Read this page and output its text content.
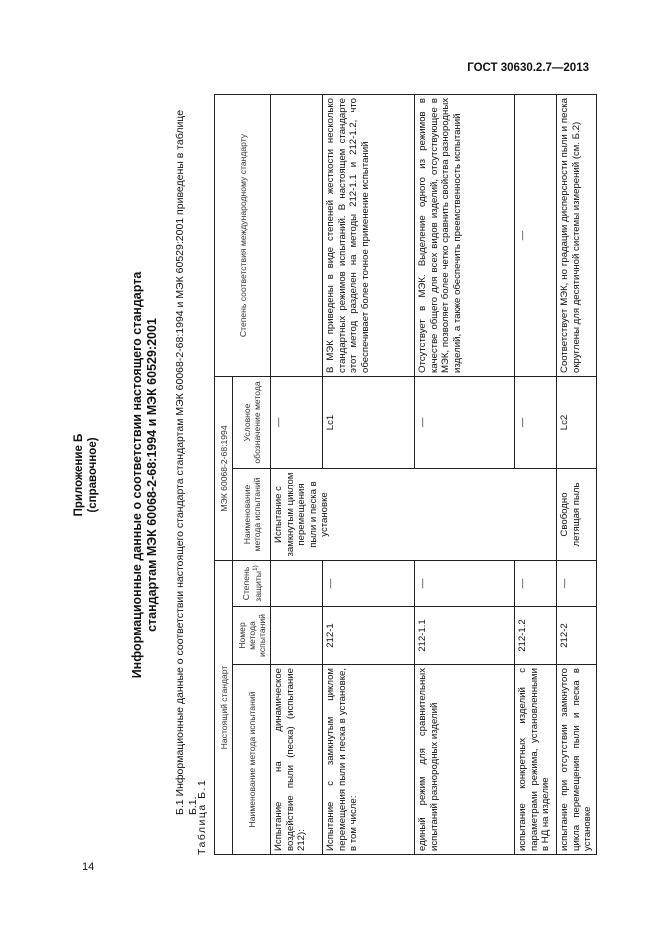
ГОСТ 30630.2.7—2013
Приложение Б (справочное) Информационные данные о соответствии настоящего стандарта стандартам МЭК 60068-2-68:1994 и МЭК 60529:2001 Б.1 Информационные данные о соответствии настоящего стандарта стандартам МЭК 60068-2-68:1994 и МЭК 60529:2001 приведены в таблице Б.1.
Таблица Б.1
Настоящий стандарт			МЭК 60068-2-68:1994		Степень соответствия международному стандарту
Наименование метода испытаний	Номер метода испытаний	Степень защиты$^{1)}$	Наименование метода испытаний	Условное обозначение метода	
Испытание на динамическое воздействие пыли (песка) (испытание 212):			Испытание с замкнутым циклом перемещения пыли и песка в установке	—	
Испытание с замкнутым циклом перемещения пыли и песка в установке, в том числе:	212-1	—		Lc1	В МЭК приведены в виде степеней жесткости несколько стандартных режимов испытаний. В настоящем стандарте этот метод разделен на методы 212-1.1 и 212-1.2, что обеспечивает более точное применение испытаний
единый режим для сравнительных испытаний разнородных изделий	212-1.1	—		—	Отсутствует в МЭК. Выделение одного из режимов в качестве общего для всех видов изделий, отсутствующее в МЭК, позволяет более четко сравнить свойства разнородных изделий, а также обеспечить преемственность испытаний
испытание конкретных изделий с параметрами режима, установленными в НД на изделие	212-1.2	—		—	—
испытание при отсутствии замкнутого цикла перемещения пыли и песка в установке	212-2	—	Свободно летящая пыль	Lc2	Соответствует МЭК, но градации дисперсности пыли и песка округлены для десятичной системы измерений (см. Б.2)
14
